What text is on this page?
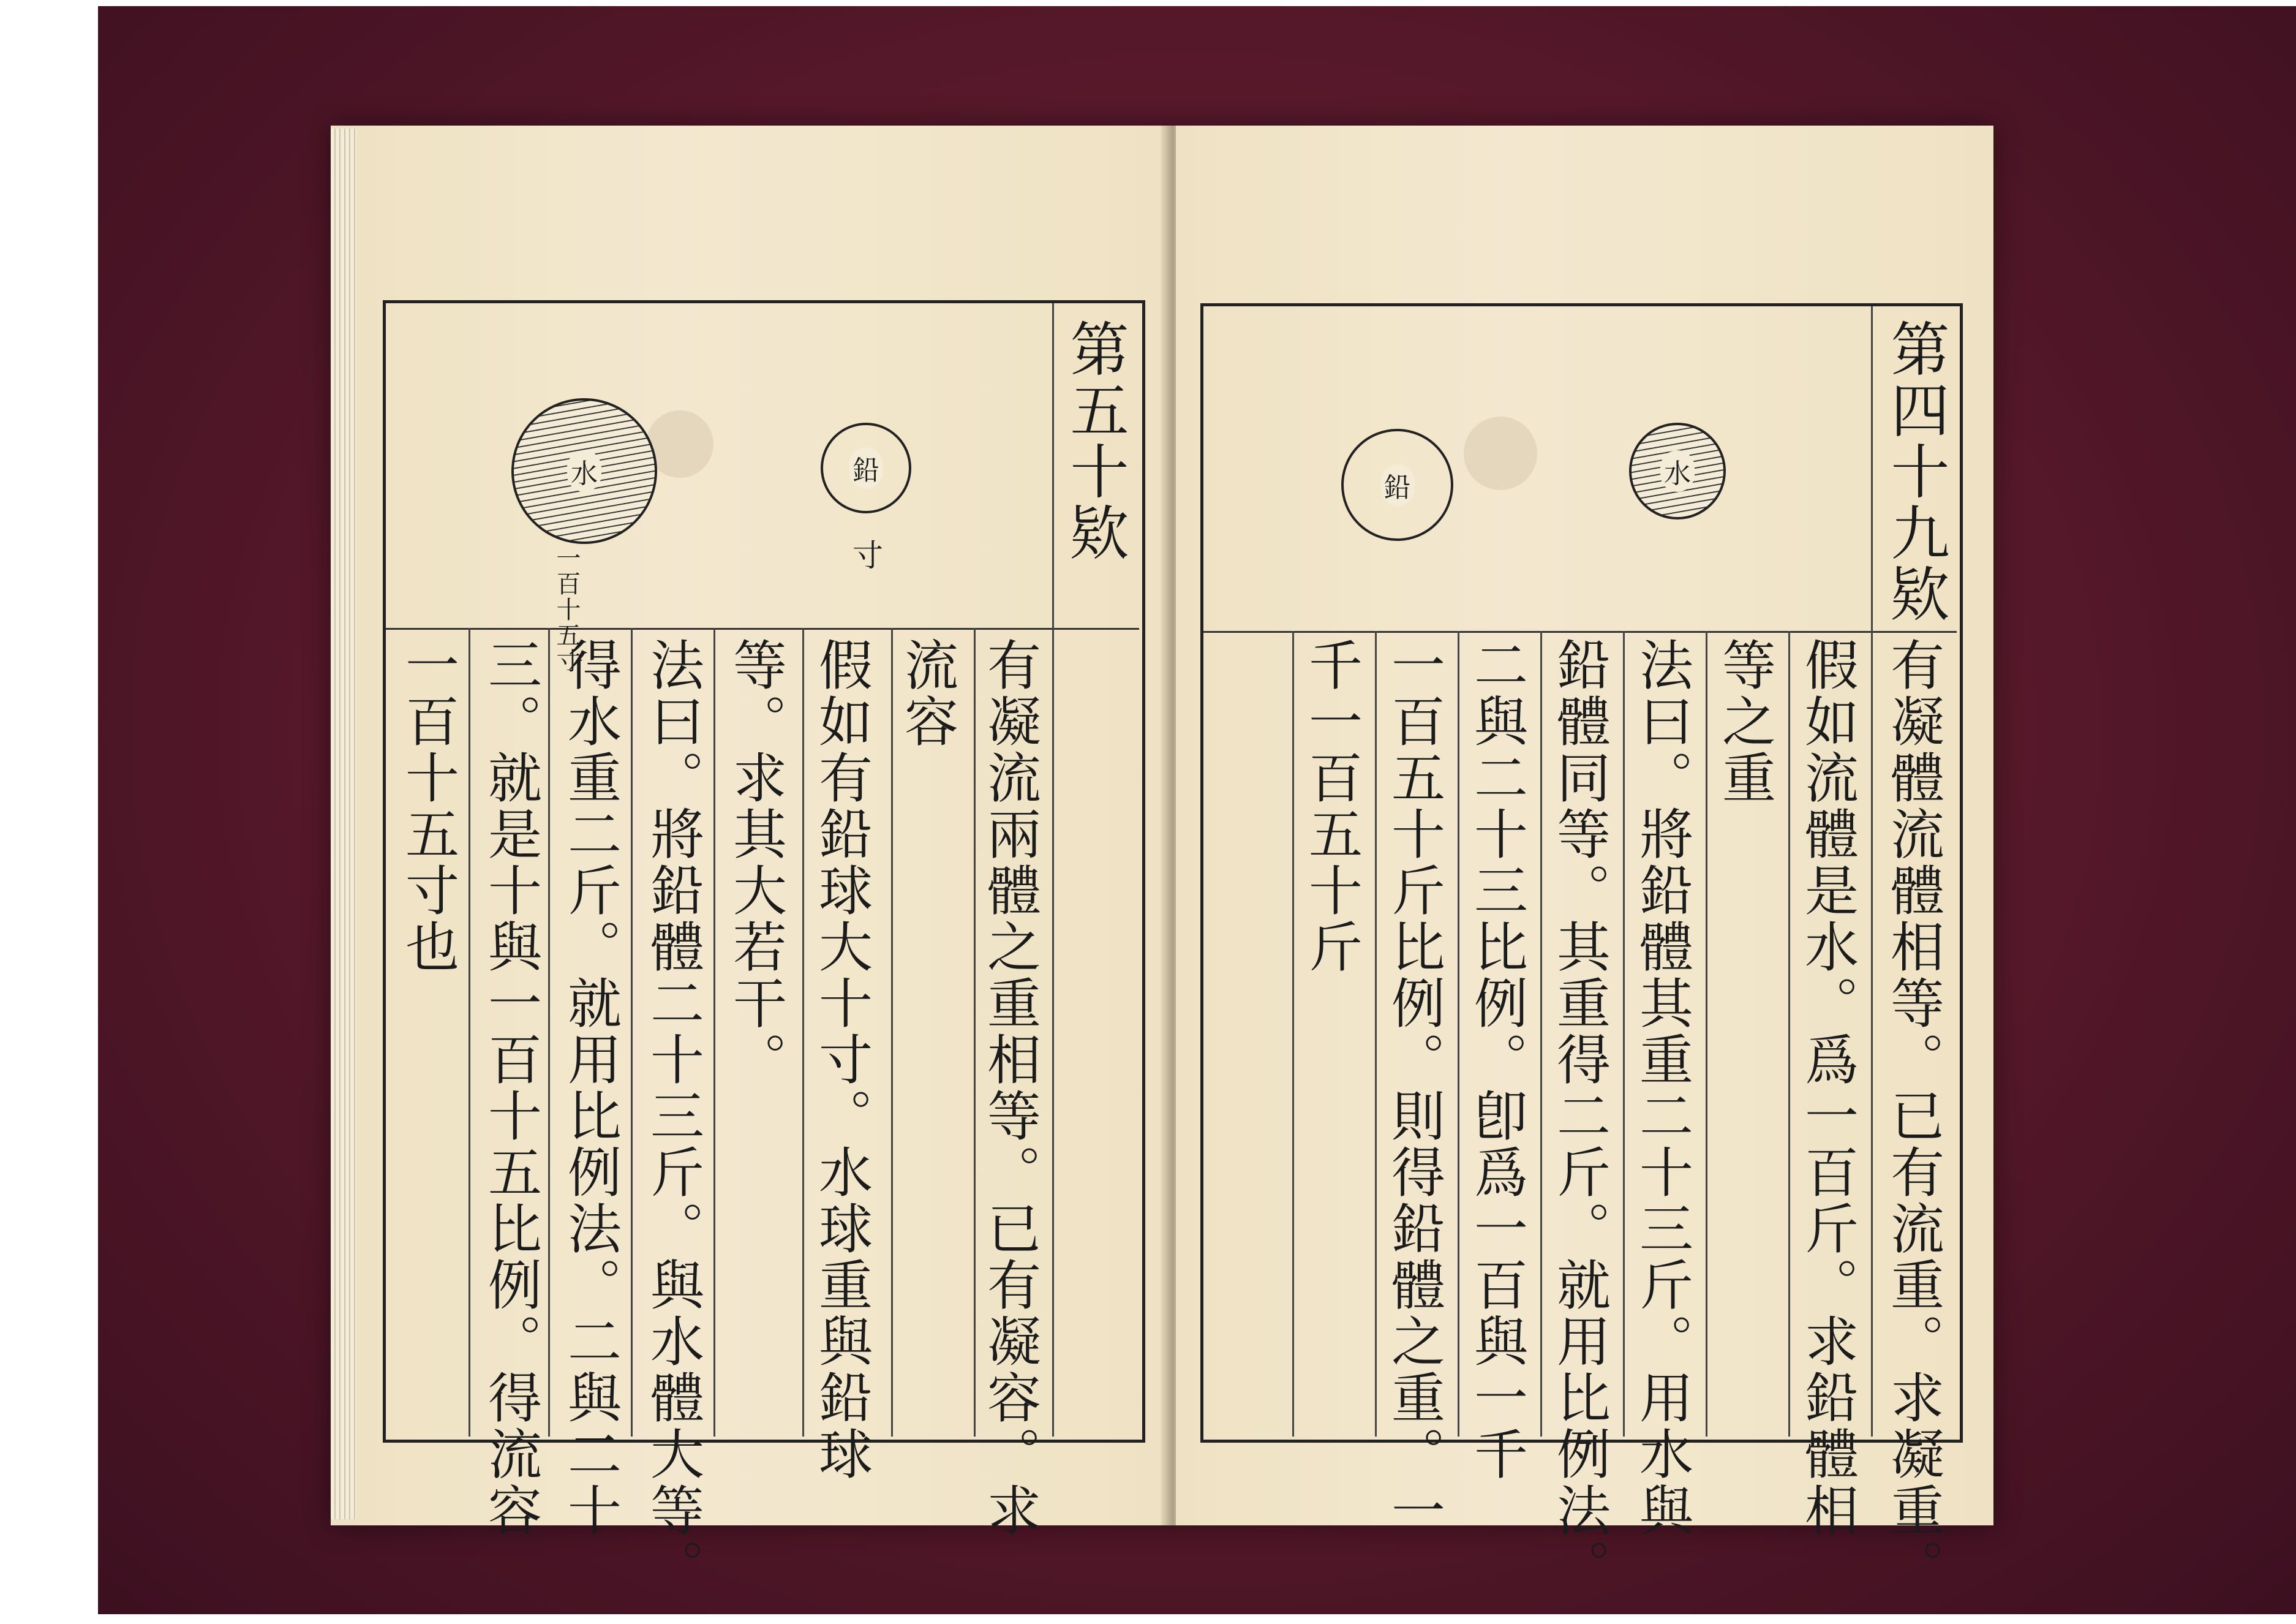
第五十欵
水
一百十五寸
鉛
寸
有凝流兩體之重相等。已有凝容。求
流容
假如有鉛球大十寸。水球重與鉛球
等。求其大若干。
法曰。將鉛體二十三斤。與水體大等。
得水重二斤。就用比例法。二與二十
三。就是十與一百十五比例。得流容
一百十五寸也
第四十九欵
水
鉛
有凝體流體相等。已有流重。求凝重。
假如流體是水。爲一百斤。求鉛體相
等之重
法曰。將鉛體其重二十三斤。用水與
鉛體同等。其重得二斤。就用比例法。
二與二十三比例。卽爲一百與一千
一百五十斤比例。則得鉛體之重。一
千一百五十斤
